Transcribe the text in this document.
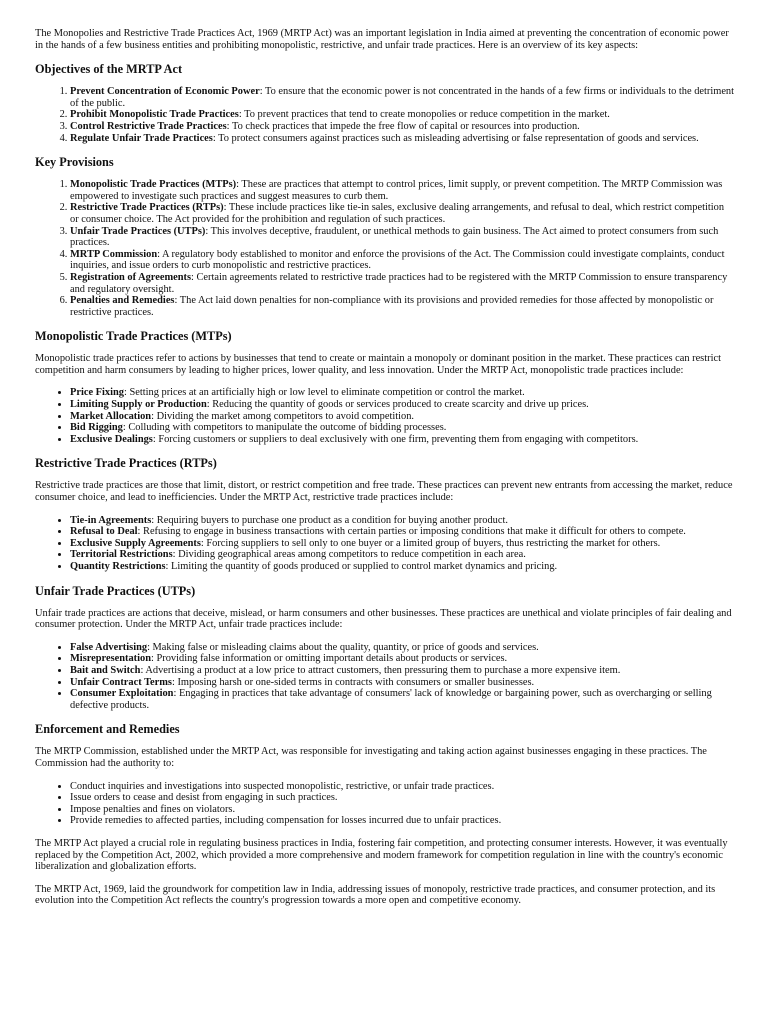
The Monopolies and Restrictive Trade Practices Act, 1969 (MRTP Act) was an important legislation in India aimed at preventing the concentration of economic power in the hands of a few business entities and prohibiting monopolistic, restrictive, and unfair trade practices. Here is an overview of its key aspects:

Objectives of the MRTP Act
1. Prevent Concentration of Economic Power: To ensure that the economic power is not concentrated in the hands of a few firms or individuals to the detriment of the public.
2. Prohibit Monopolistic Trade Practices: To prevent practices that tend to create monopolies or reduce competition in the market.
3. Control Restrictive Trade Practices: To check practices that impede the free flow of capital or resources into production.
4. Regulate Unfair Trade Practices: To protect consumers against practices such as misleading advertising or false representation of goods and services.
Key Provisions
1. Monopolistic Trade Practices (MTPs): These are practices that attempt to control prices, limit supply, or prevent competition. The MRTP Commission was empowered to investigate such practices and suggest measures to curb them.
2. Restrictive Trade Practices (RTPs): These include practices like tie-in sales, exclusive dealing arrangements, and refusal to deal, which restrict competition or consumer choice. The Act provided for the prohibition and regulation of such practices.
3. Unfair Trade Practices (UTPs): This involves deceptive, fraudulent, or unethical methods to gain business. The Act aimed to protect consumers from such practices.
4. MRTP Commission: A regulatory body established to monitor and enforce the provisions of the Act. The Commission could investigate complaints, conduct inquiries, and issue orders to curb monopolistic and restrictive practices.
5. Registration of Agreements: Certain agreements related to restrictive trade practices had to be registered with the MRTP Commission to ensure transparency and regulatory oversight.
6. Penalties and Remedies: The Act laid down penalties for non-compliance with its provisions and provided remedies for those affected by monopolistic or restrictive practices.
Monopolistic Trade Practices (MTPs)

Monopolistic trade practices refer to actions by businesses that tend to create or maintain a monopoly or dominant position in the market. These practices can restrict competition and harm consumers by leading to higher prices, lower quality, and less innovation. Under the MRTP Act, monopolistic trade practices include:

• Price Fixing: Setting prices at an artificially high or low level to eliminate competition or control the market.
• Limiting Supply or Production: Reducing the quantity of goods or services produced to create scarcity and drive up prices.
• Market Allocation: Dividing the market among competitors to avoid competition.
• Bid Rigging: Colluding with competitors to manipulate the outcome of bidding processes.
• Exclusive Dealings: Forcing customers or suppliers to deal exclusively with one firm, preventing them from engaging with competitors.
Restrictive Trade Practices (RTPs)

Restrictive trade practices are those that limit, distort, or restrict competition and free trade. These practices can prevent new entrants from accessing the market, reduce consumer choice, and lead to inefficiencies. Under the MRTP Act, restrictive trade practices include:

• Tie-in Agreements: Requiring buyers to purchase one product as a condition for buying another product.
• Refusal to Deal: Refusing to engage in business transactions with certain parties or imposing conditions that make it difficult for others to compete.
• Exclusive Supply Agreements: Forcing suppliers to sell only to one buyer or a limited group of buyers, thus restricting the market for others.
• Territorial Restrictions: Dividing geographical areas among competitors to reduce competition in each area.
• Quantity Restrictions: Limiting the quantity of goods produced or supplied to control market dynamics and pricing.
Unfair Trade Practices (UTPs)

Unfair trade practices are actions that deceive, mislead, or harm consumers and other businesses. These practices are unethical and violate principles of fair dealing and consumer protection. Under the MRTP Act, unfair trade practices include:

• False Advertising: Making false or misleading claims about the quality, quantity, or price of goods and services.
• Misrepresentation: Providing false information or omitting important details about products or services.
• Bait and Switch: Advertising a product at a low price to attract customers, then pressuring them to purchase a more expensive item.
• Unfair Contract Terms: Imposing harsh or one-sided terms in contracts with consumers or smaller businesses.
• Consumer Exploitation: Engaging in practices that take advantage of consumers' lack of knowledge or bargaining power, such as overcharging or selling defective products.
Enforcement and Remedies

The MRTP Commission, established under the MRTP Act, was responsible for investigating and taking action against businesses engaging in these practices. The Commission had the authority to:

• Conduct inquiries and investigations into suspected monopolistic, restrictive, or unfair trade practices.
• Issue orders to cease and desist from engaging in such practices.
• Impose penalties and fines on violators.
• Provide remedies to affected parties, including compensation for losses incurred due to unfair practices.

The MRTP Act played a crucial role in regulating business practices in India, fostering fair competition, and protecting consumer interests. However, it was eventually replaced by the Competition Act, 2002, which provided a more comprehensive and modern framework for competition regulation in line with the country's economic liberalization and globalization efforts.

The MRTP Act, 1969, laid the groundwork for competition law in India, addressing issues of monopoly, restrictive trade practices, and consumer protection, and its evolution into the Competition Act reflects the country's progression towards a more open and competitive economy.
